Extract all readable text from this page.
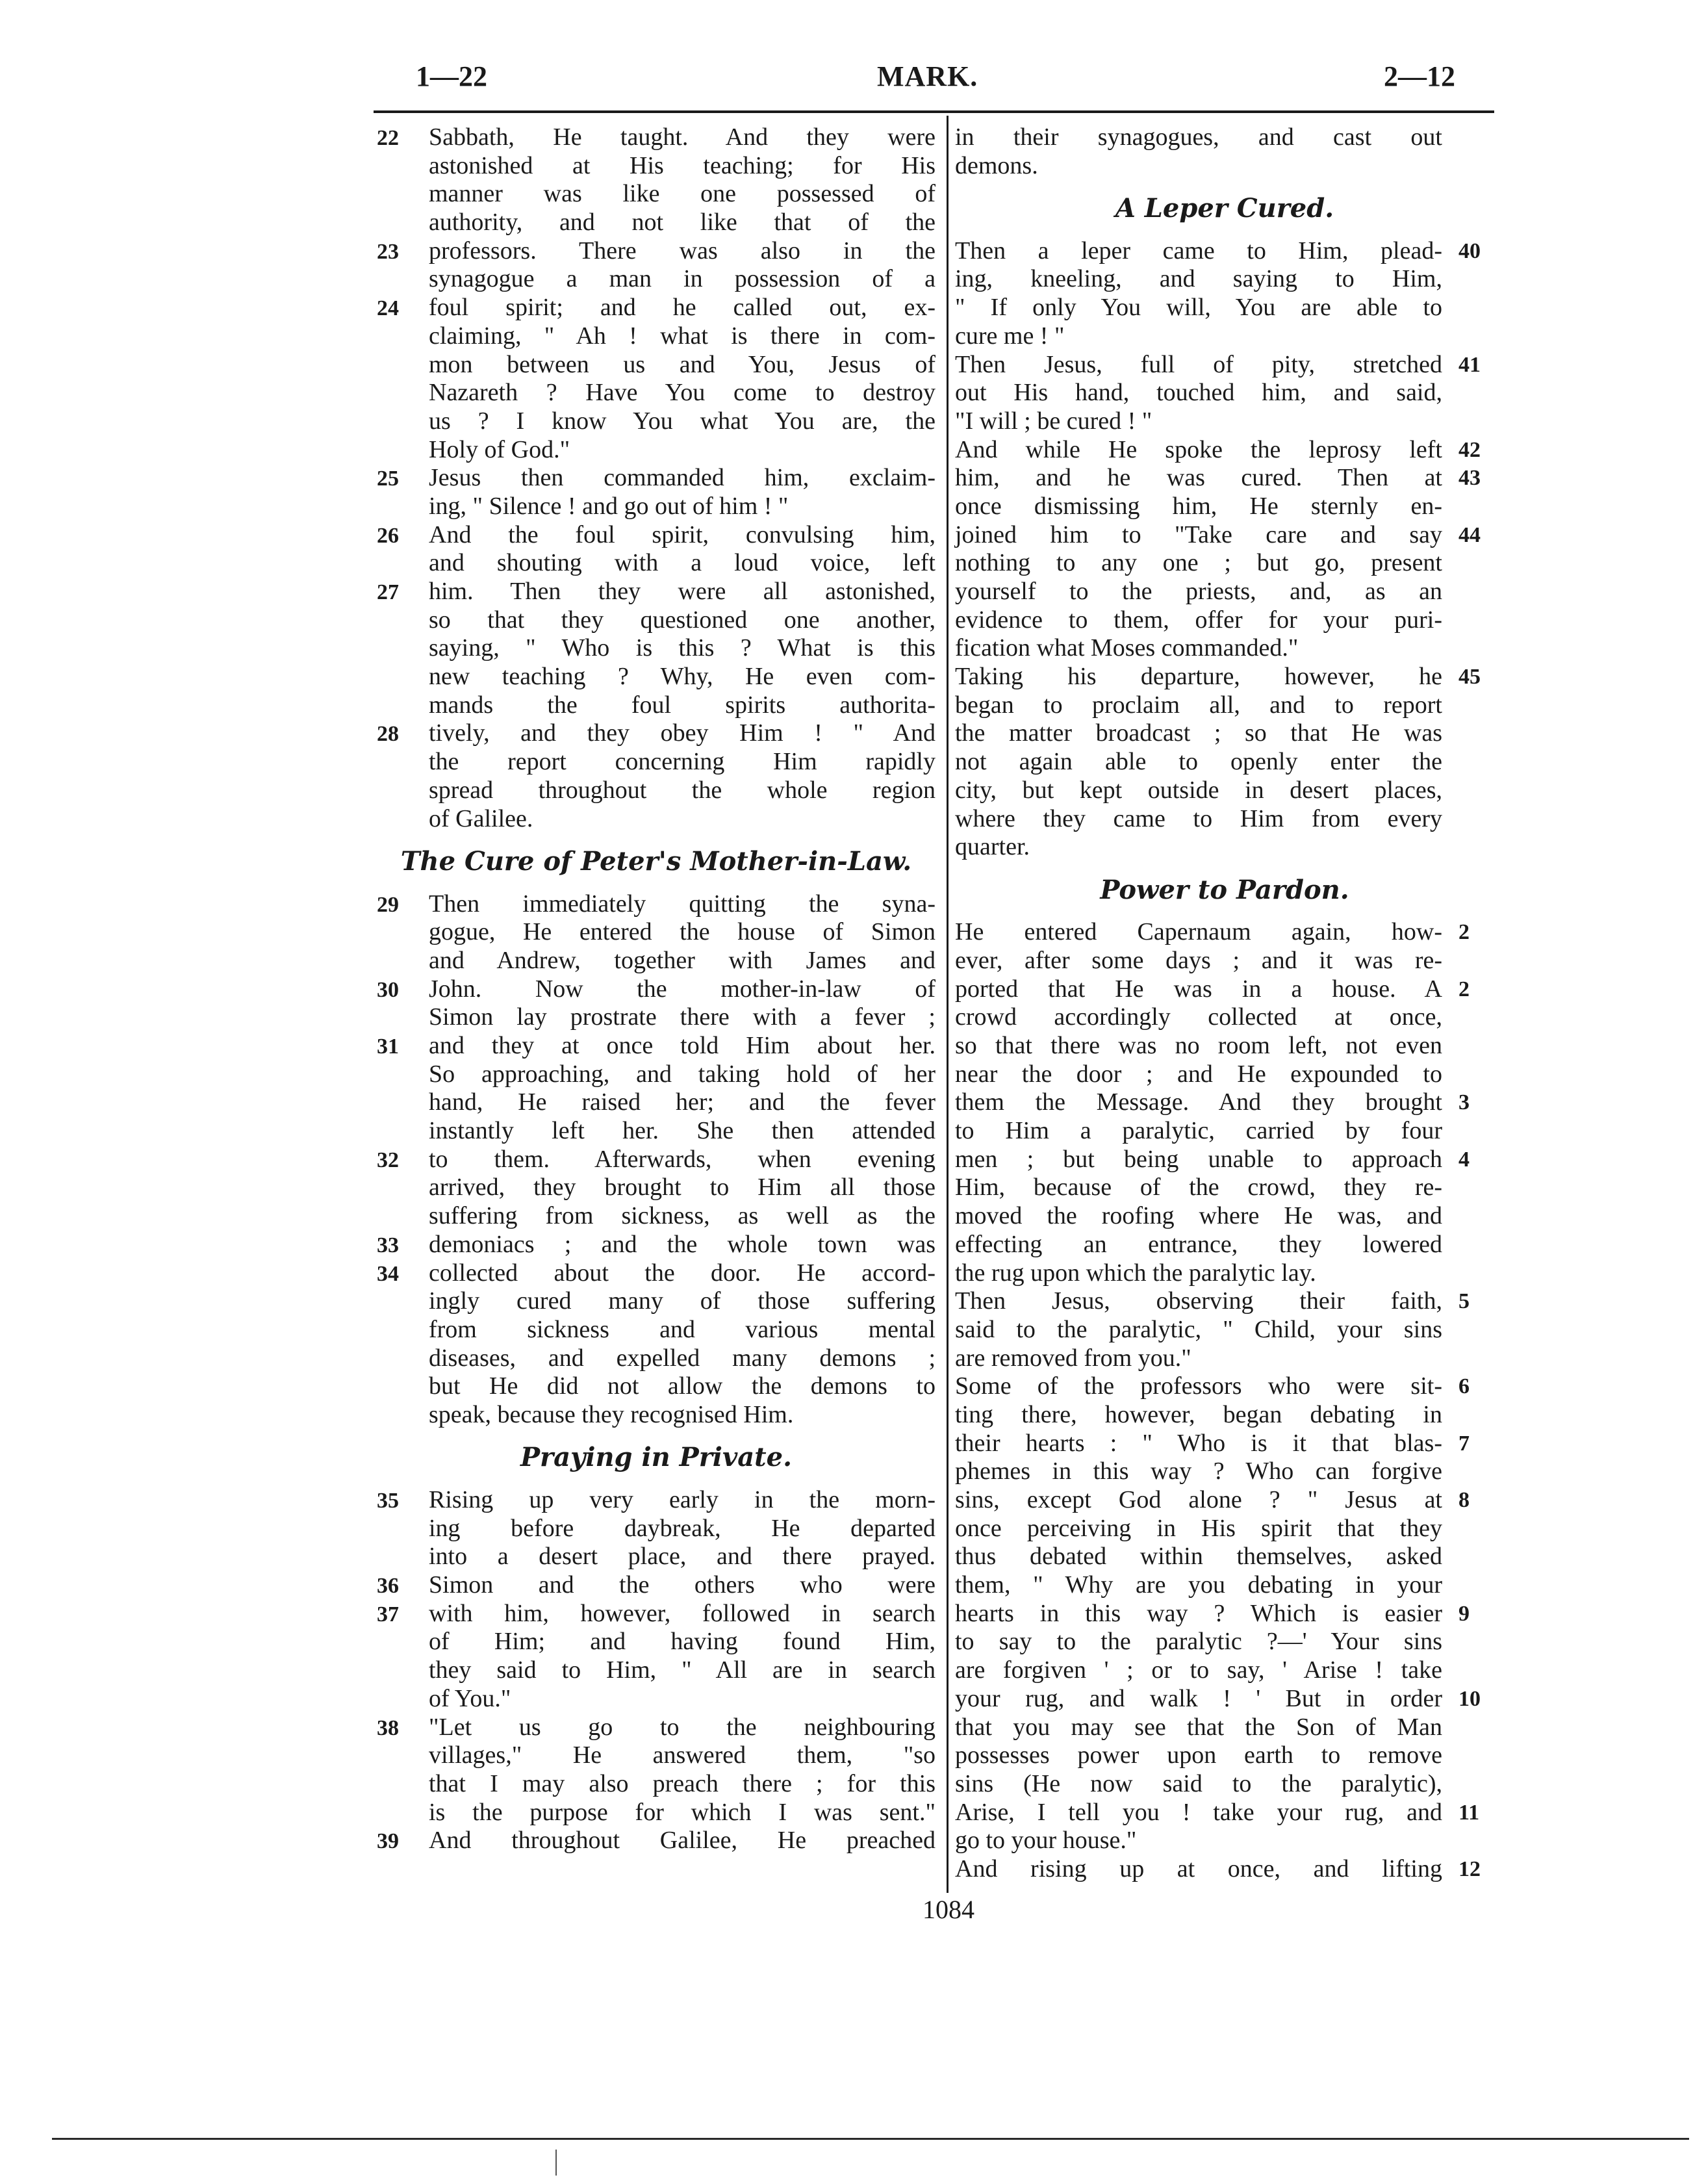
1—22	MARK.	2—12
22 Sabbath, He taught. And they were
astonished at His teaching; for His
manner was like one possessed of
authority, and not like that of the
23 professors. There was also in the
synagogue a man in possession of a
24 foul spirit; and he called out, ex-
claiming, " Ah ! what is there in com-
mon between us and You, Jesus of
Nazareth ? Have You come to destroy
us ? I know You what You are, the
Holy of God."
25 Jesus then commanded him, exclaim-
ing, " Silence ! and go out of him ! "
26 And the foul spirit, convulsing him,
and shouting with a loud voice, left
27 him. Then they were all astonished,
so that they questioned one another,
saying, " Who is this ? What is this
new teaching ? Why, He even com-
mands the foul spirits authorita-
28 tively, and they obey Him ! " And
the report concerning Him rapidly
spread throughout the whole region
of Galilee.
The Cure of Peter's Mother-in-Law.
29 Then immediately quitting the syna-
gogue, He entered the house of Simon
and Andrew, together with James and
30 John. Now the mother-in-law of
Simon lay prostrate there with a fever ;
31 and they at once told Him about her.
So approaching, and taking hold of her
hand, He raised her; and the fever
instantly left her. She then attended
32 to them. Afterwards, when evening
arrived, they brought to Him all those
suffering from sickness, as well as the
33 demoniacs ; and the whole town was
34 collected about the door. He accord-
ingly cured many of those suffering
from sickness and various mental
diseases, and expelled many demons ;
but He did not allow the demons to
speak, because they recognised Him.
Praying in Private.
35 Rising up very early in the morn-
ing before daybreak, He departed
into a desert place, and there prayed.
36 Simon and the others who were
37 with him, however, followed in search
of Him; and having found Him,
they said to Him, " All are in search
of You."
38 "Let us go to the neighbouring
villages," He answered them, "so
that I may also preach there ; for this
is the purpose for which I was sent."
39 And throughout Galilee, He preached
in their synagogues, and cast out
demons.
A Leper Cured.
Then a leper came to Him, plead- 40
ing, kneeling, and saying to Him,
" If only You will, You are able to
cure me ! "
Then Jesus, full of pity, stretched 41
out His hand, touched him, and said,
"I will ; be cured ! "
And while He spoke the leprosy left 42
him, and he was cured. Then at 43
once dismissing him, He sternly en-
joined him to "Take care and say 44
nothing to any one ; but go, present
yourself to the priests, and, as an
evidence to them, offer for your puri-
fication what Moses commanded."
Taking his departure, however, he 45
began to proclaim all, and to report
the matter broadcast ; so that He was
not again able to openly enter the
city, but kept outside in desert places,
where they came to Him from every
quarter.
Power to Pardon.
He entered Capernaum again, how- 2
ever, after some days ; and it was re-
ported that He was in a house. A 2
crowd accordingly collected at once,
so that there was no room left, not even
near the door ; and He expounded to
them the Message. And they brought 3
to Him a paralytic, carried by four
men ; but being unable to approach 4
Him, because of the crowd, they re-
moved the roofing where He was, and
effecting an entrance, they lowered
the rug upon which the paralytic lay.
Then Jesus, observing their faith, 5
said to the paralytic, " Child, your sins
are removed from you."
Some of the professors who were sit- 6
ting there, however, began debating in
their hearts : " Who is it that blas- 7
phemes in this way ? Who can forgive
sins, except God alone ? " Jesus at 8
once perceiving in His spirit that they
thus debated within themselves, asked
them, " Why are you debating in your
hearts in this way ? Which is easier 9
to say to the paralytic ?—' Your sins
are forgiven ' ; or to say, ' Arise ! take
your rug, and walk ! ' But in order 10
that you may see that the Son of Man
possesses power upon earth to remove
sins (He now said to the paralytic),
Arise, I tell you ! take your rug, and 11
go to your house."
And rising up at once, and lifting 12
1084
